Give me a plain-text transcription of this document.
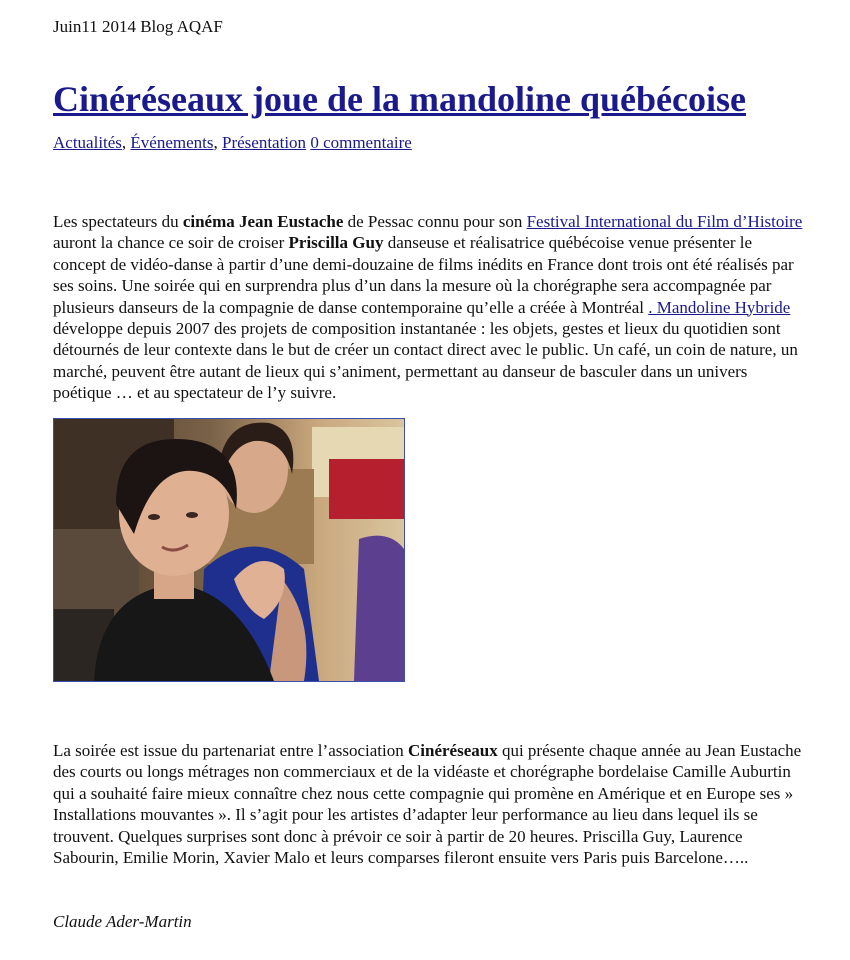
Juin11 2014 Blog AQAF
Cinéréseaux joue de la mandoline québécoise
Actualités, Événements, Présentation 0 commentaire

Les spectateurs du cinéma Jean Eustache de Pessac connu pour son Festival International du Film d’Histoire auront la chance ce soir de croiser Priscilla Guy danseuse et réalisatrice québécoise venue présenter le concept de vidéo-danse à partir d’une demi-douzaine de films inédits en France dont trois ont été réalisés par ses soins. Une soirée qui en surprendra plus d’un dans la mesure où la chorégraphe sera accompagnée par plusieurs danseurs de la compagnie de danse contemporaine qu’elle a créée à Montréal . Mandoline Hybride développe depuis 2007 des projets de composition instantanée : les objets, gestes et lieux du quotidien sont détournés de leur contexte dans le but de créer un contact direct avec le public. Un café, un coin de nature, un marché, peuvent être autant de lieux qui s’animent, permettant au danseur de basculer dans un univers poétique … et au spectateur de l’y suivre.

La soirée est issue du partenariat entre l’association Cinéréseaux qui présente chaque année au Jean Eustache des courts ou longs métrages non commerciaux et de la vidéaste et chorégraphe bordelaise Camille Auburtin qui a souhaité faire mieux connaître chez nous cette compagnie qui promène en Amérique et en Europe ses » Installations mouvantes ». Il s’agit pour les artistes d’adapter leur performance au lieu dans lequel ils se trouvent. Quelques surprises sont donc à prévoir ce soir à partir de 20 heures. Priscilla Guy, Laurence Sabourin, Emilie Morin, Xavier Malo et leurs comparses fileront ensuite vers Paris puis Barcelone…..

Claude Ader-Martin
